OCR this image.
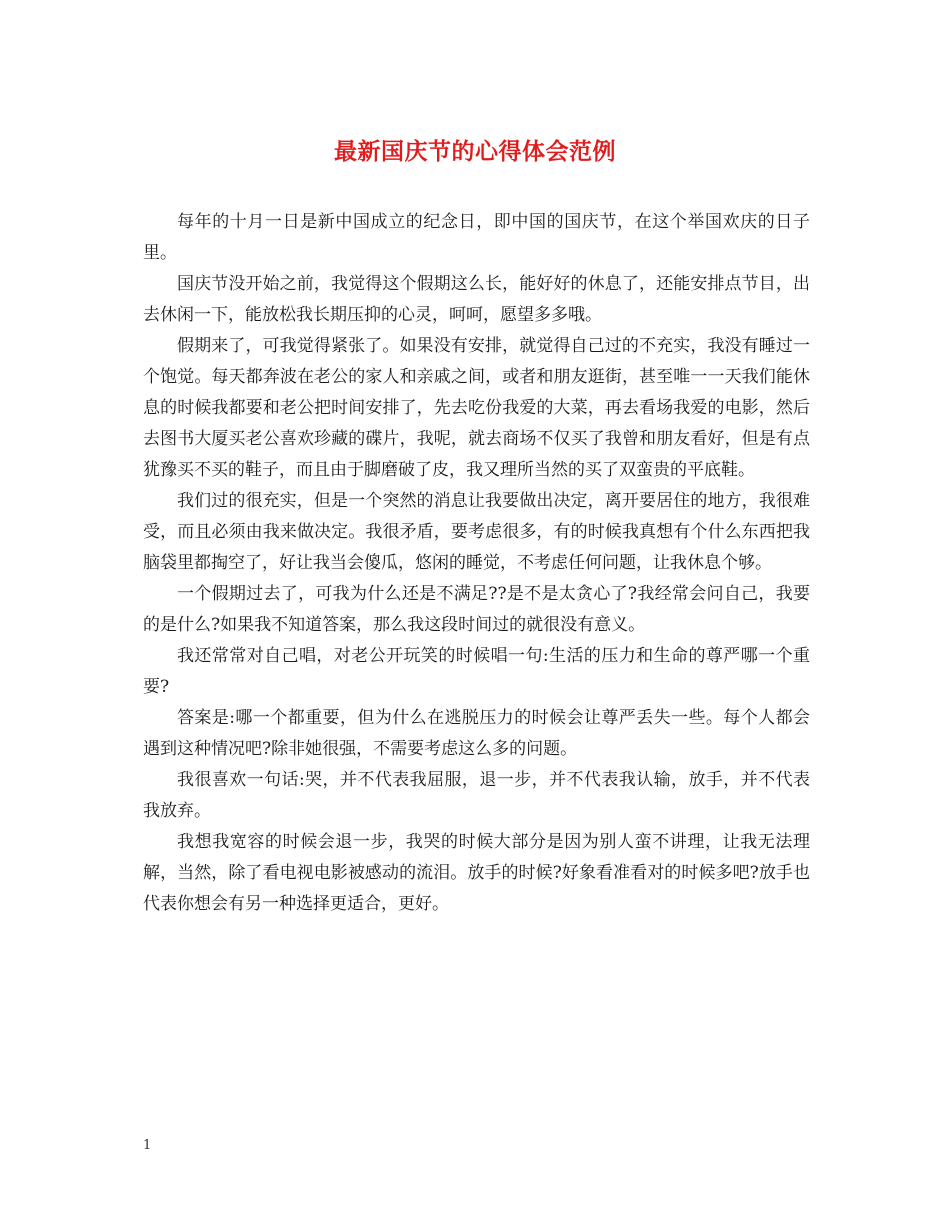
最新国庆节的心得体会范例

每年的十月一日是新中国成立的纪念日，即中国的国庆节，在这个举国欢庆的日子里。

国庆节没开始之前，我觉得这个假期这么长，能好好的休息了，还能安排点节目，出去休闲一下，能放松我长期压抑的心灵，呵呵，愿望多多哦。

假期来了，可我觉得紧张了。如果没有安排，就觉得自己过的不充实，我没有睡过一个饱觉。每天都奔波在老公的家人和亲戚之间，或者和朋友逛街，甚至唯一一天我们能休息的时候我都要和老公把时间安排了，先去吃份我爱的大菜，再去看场我爱的电影，然后去图书大厦买老公喜欢珍藏的碟片，我呢，就去商场不仅买了我曾和朋友看好，但是有点犹豫买不买的鞋子，而且由于脚磨破了皮，我又理所当然的买了双蛮贵的平底鞋。

我们过的很充实，但是一个突然的消息让我要做出决定，离开要居住的地方，我很难受，而且必须由我来做决定。我很矛盾，要考虑很多，有的时候我真想有个什么东西把我脑袋里都掏空了，好让我当会傻瓜，悠闲的睡觉，不考虑任何问题，让我休息个够。

一个假期过去了，可我为什么还是不满足??是不是太贪心了?我经常会问自己，我要的是什么?如果我不知道答案，那么我这段时间过的就很没有意义。

我还常常对自己唱，对老公开玩笑的时候唱一句:生活的压力和生命的尊严哪一个重要?

答案是:哪一个都重要，但为什么在逃脱压力的时候会让尊严丢失一些。每个人都会遇到这种情况吧?除非她很强，不需要考虑这么多的问题。

我很喜欢一句话:哭，并不代表我屈服，退一步，并不代表我认输，放手，并不代表我放弃。

我想我宽容的时候会退一步，我哭的时候大部分是因为别人蛮不讲理，让我无法理解，当然，除了看电视电影被感动的流泪。放手的时候?好象看准看对的时候多吧?放手也代表你想会有另一种选择更适合，更好。

1
